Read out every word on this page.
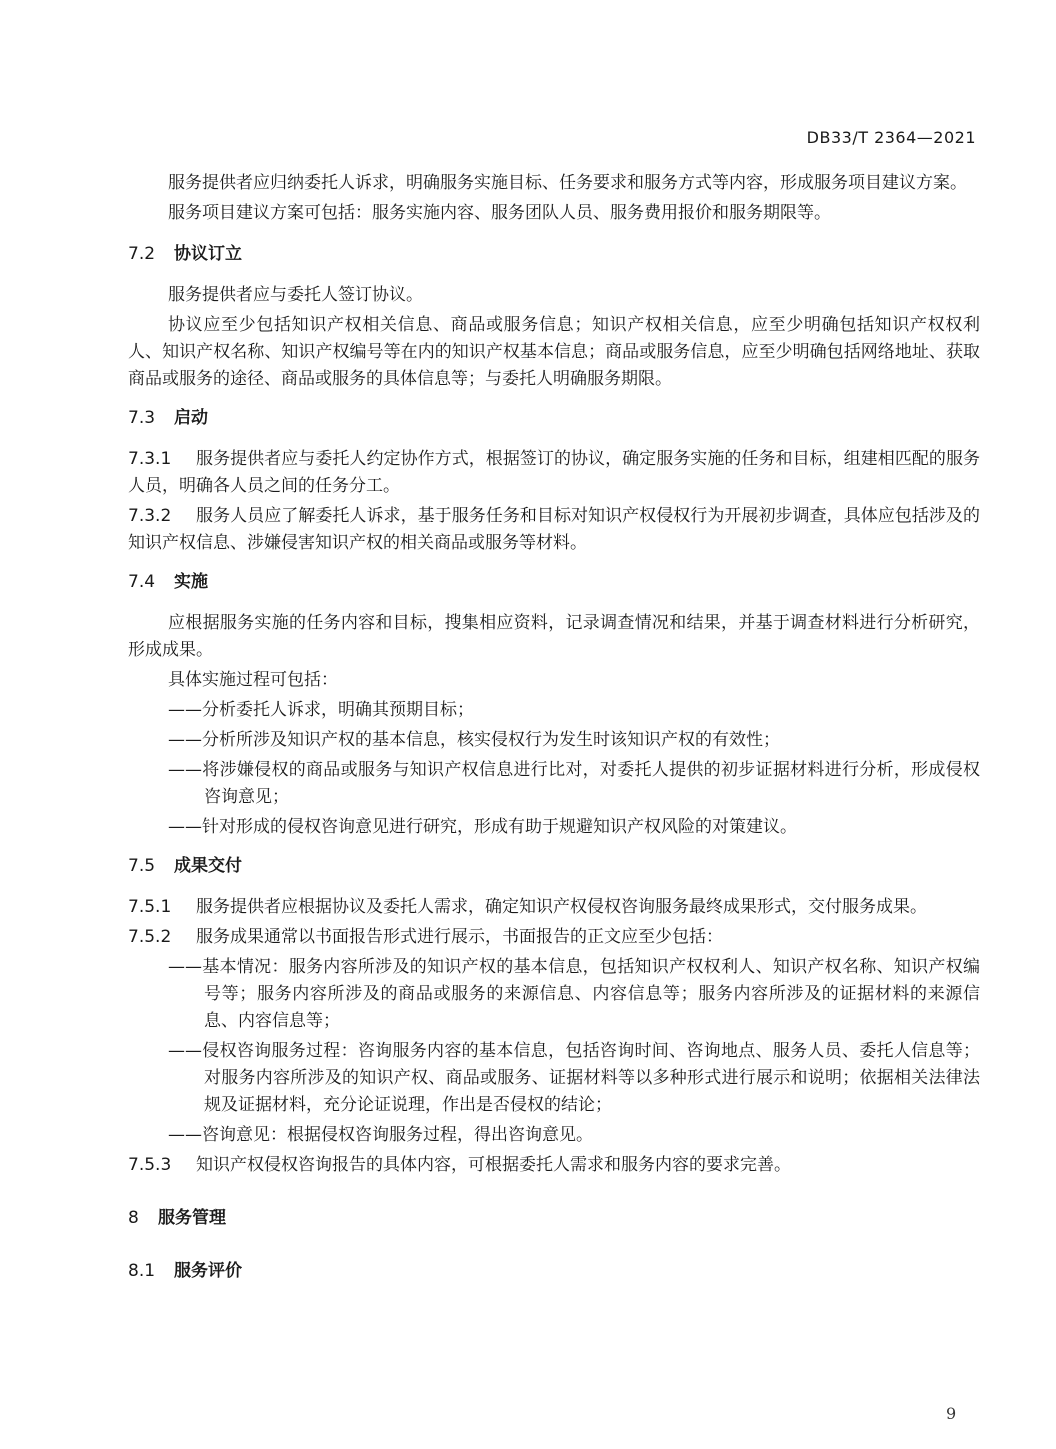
DB33/T 2364—2021

服务提供者应归纳委托人诉求，明确服务实施目标、任务要求和服务方式等内容，形成服务项目建议方案。

服务项目建议方案可包括：服务实施内容、服务团队人员、服务费用报价和服务期限等。

7.2 协议订立

服务提供者应与委托人签订协议。

协议应至少包括知识产权相关信息、商品或服务信息；知识产权相关信息，应至少明确包括知识产权权利人、知识产权名称、知识产权编号等在内的知识产权基本信息；商品或服务信息，应至少明确包括网络地址、获取商品或服务的途径、商品或服务的具体信息等；与委托人明确服务期限。

7.3 启动

7.3.1 服务提供者应与委托人约定协作方式，根据签订的协议，确定服务实施的任务和目标，组建相匹配的服务人员，明确各人员之间的任务分工。

7.3.2 服务人员应了解委托人诉求，基于服务任务和目标对知识产权侵权行为开展初步调查，具体应包括涉及的知识产权信息、涉嫌侵害知识产权的相关商品或服务等材料。

7.4 实施

应根据服务实施的任务内容和目标，搜集相应资料，记录调查情况和结果，并基于调查材料进行分析研究，形成成果。

具体实施过程可包括：

——分析委托人诉求，明确其预期目标；

——分析所涉及知识产权的基本信息，核实侵权行为发生时该知识产权的有效性；

——将涉嫌侵权的商品或服务与知识产权信息进行比对，对委托人提供的初步证据材料进行分析，形成侵权咨询意见；

——针对形成的侵权咨询意见进行研究，形成有助于规避知识产权风险的对策建议。

7.5 成果交付

7.5.1 服务提供者应根据协议及委托人需求，确定知识产权侵权咨询服务最终成果形式，交付服务成果。

7.5.2 服务成果通常以书面报告形式进行展示，书面报告的正文应至少包括：

——基本情况：服务内容所涉及的知识产权的基本信息，包括知识产权权利人、知识产权名称、知识产权编号等；服务内容所涉及的商品或服务的来源信息、内容信息等；服务内容所涉及的证据材料的来源信息、内容信息等；

——侵权咨询服务过程：咨询服务内容的基本信息，包括咨询时间、咨询地点、服务人员、委托人信息等；对服务内容所涉及的知识产权、商品或服务、证据材料等以多种形式进行展示和说明；依据相关法律法规及证据材料，充分论证说理，作出是否侵权的结论；

——咨询意见：根据侵权咨询服务过程，得出咨询意见。

7.5.3 知识产权侵权咨询报告的具体内容，可根据委托人需求和服务内容的要求完善。

8 服务管理
8.1 服务评价
9
